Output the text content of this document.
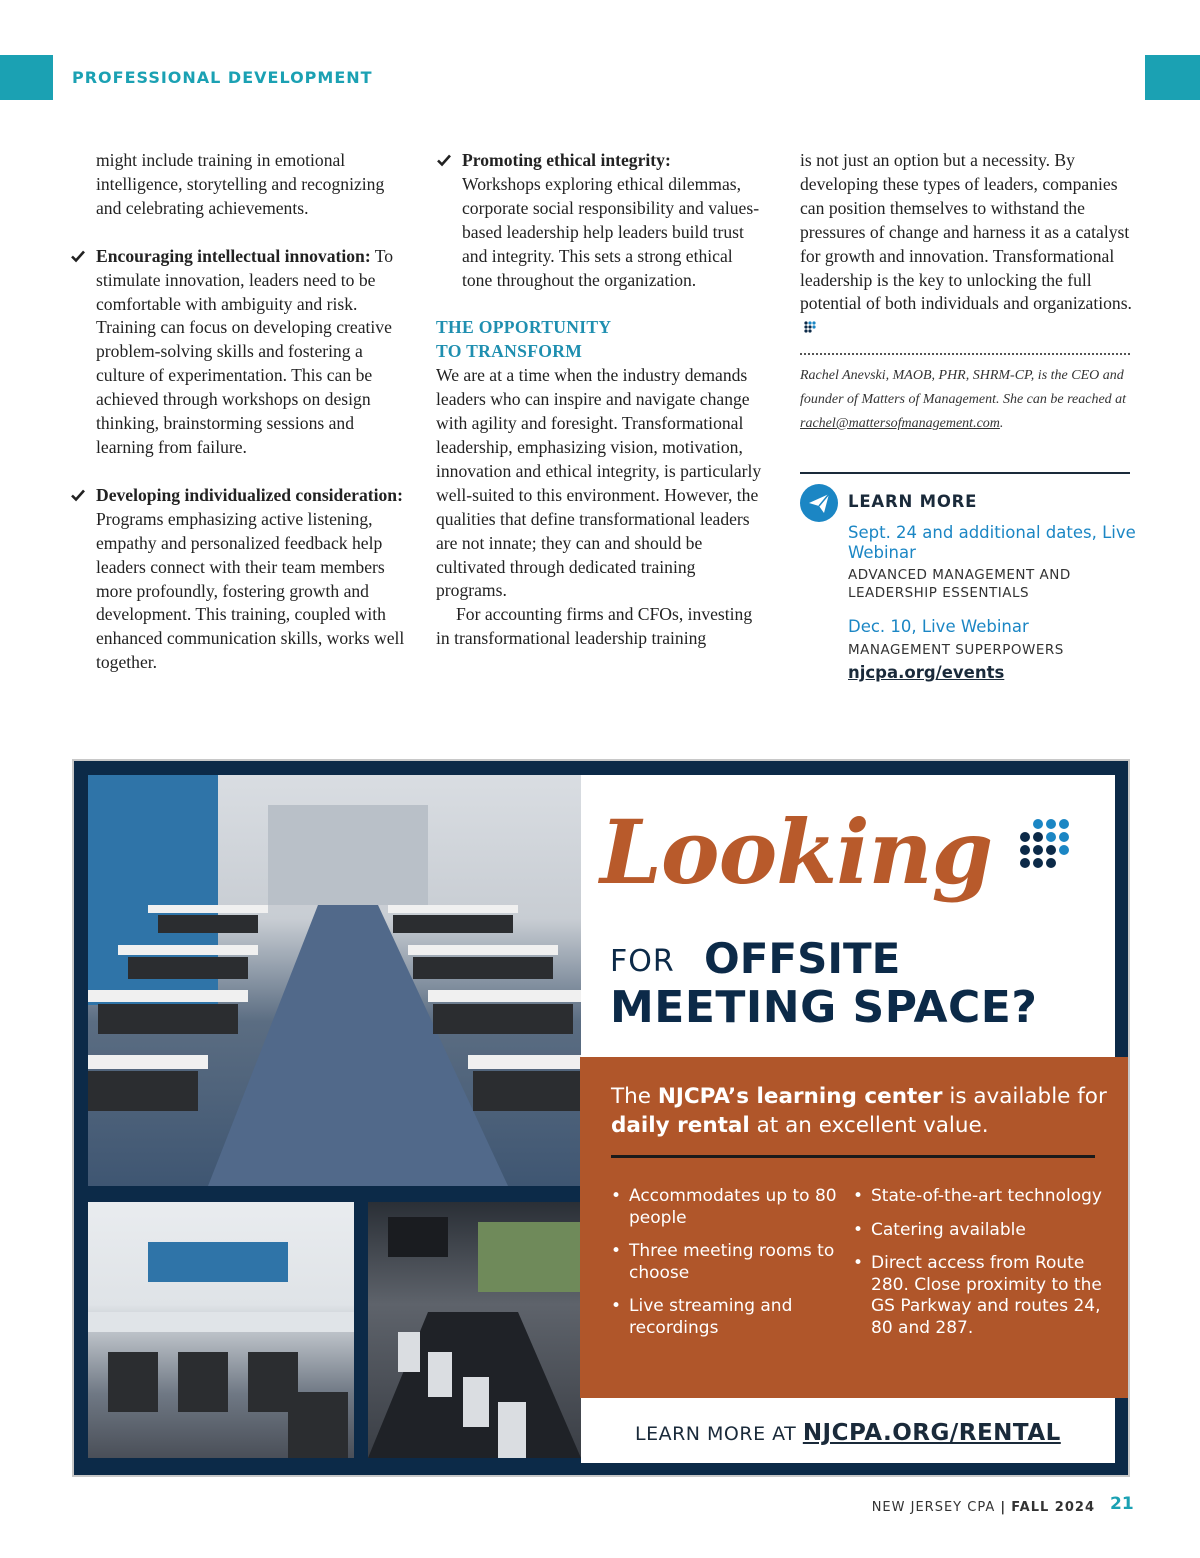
PROFESSIONAL DEVELOPMENT

might include training in emotional intelligence, storytelling and recognizing and celebrating achievements.

Encouraging intellectual innovation: To stimulate innovation, leaders need to be comfortable with ambiguity and risk. Training can focus on developing creative problem-solving skills and fostering a culture of experimentation. This can be achieved through workshops on design thinking, brainstorming sessions and learning from failure.
Developing individualized consideration: Programs emphasizing active listening, empathy and personalized feedback help leaders connect with their team members more profoundly, fostering growth and development. This training, coupled with enhanced communication skills, works well together.
Promoting ethical integrity:
Workshops exploring ethical dilemmas, corporate social responsibility and values-based leadership help leaders build trust and integrity. This sets a strong ethical tone throughout the organization.
THE OPPORTUNITY
TO TRANSFORM

We are at a time when the industry demands leaders who can inspire and navigate change with agility and foresight. Transformational leadership, emphasizing vision, motivation, innovation and ethical integrity, is particularly well-suited to this environment. However, the qualities that define transformational leaders are not innate; they can and should be cultivated through dedicated training programs.

For accounting firms and CFOs, investing in transformational leadership training

is not just an option but a necessity. By developing these types of leaders, companies can position themselves to withstand the pressures of change and harness it as a catalyst for growth and innovation. Transformational leadership is the key to unlocking the full potential of both individuals and organizations.

Rachel Anevski, MAOB, PHR, SHRM-CP, is the CEO and founder of Matters of Management. She can be reached at rachel@mattersofmanagement.com.

LEARN MORE
Sept. 24 and additional dates, Live Webinar
ADVANCED MANAGEMENT AND LEADERSHIP ESSENTIALS
Dec. 10, Live Webinar
MANAGEMENT SUPERPOWERS
njcpa.org/events
Looking
FOR OFFSITE
MEETING SPACE?

The NJCPA’s learning center is available for daily rental at an excellent value.

• Accommodates up to 80 people
• Three meeting rooms to choose
• Live streaming and recordings
• State-of-the-art technology
• Catering available
• Direct access from Route 280. Close proximity to the GS Parkway and routes 24, 80 and 287.
LEARN MORE AT NJCPA.ORG/RENTAL
NEW JERSEY CPA | FALL 2024 21
